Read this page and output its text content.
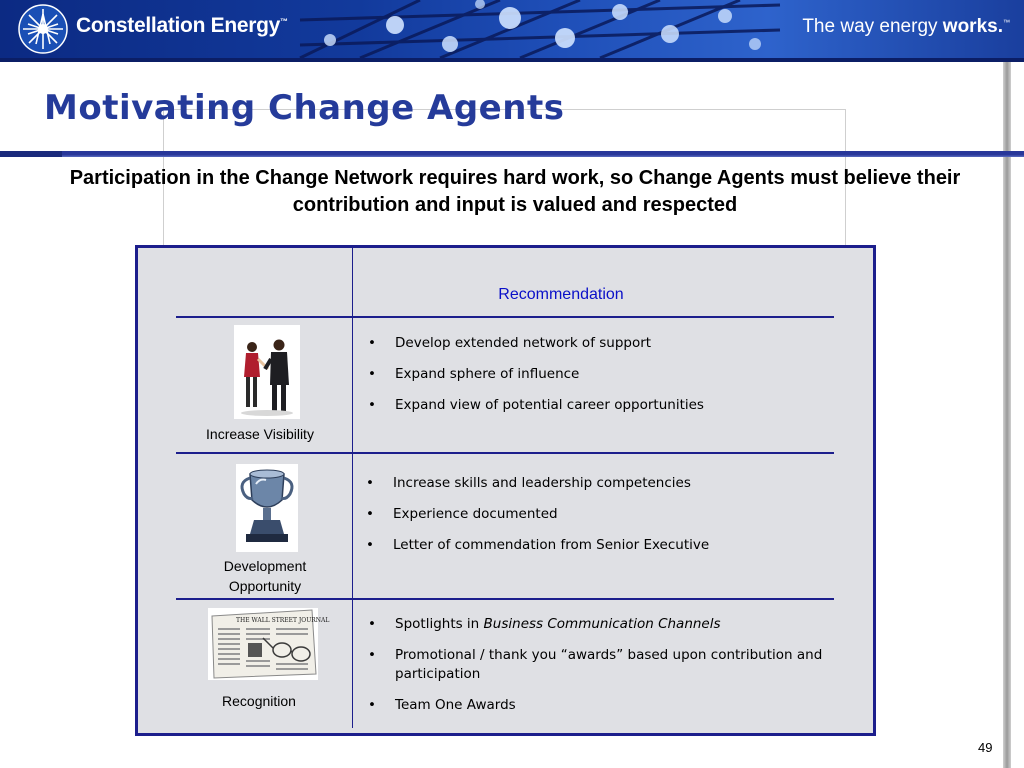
Constellation Energy™	The way energy works.™
Motivating Change Agents

Participation in the Change Network requires hard work, so Change Agents must believe their contribution and input is valued and respected

Recommendation
Increase Visibility
• Develop extended network of support
• Expand sphere of influence
• Expand view of potential career opportunities
Development
Opportunity
• Increase skills and leadership competencies
• Experience documented
• Letter of commendation from Senior Executive
THE WALL STREET JOURNAL
Recognition
• Spotlights in Business Communication Channels
• Promotional / thank you “awards” based upon contribution and participation
• Team One Awards
49
